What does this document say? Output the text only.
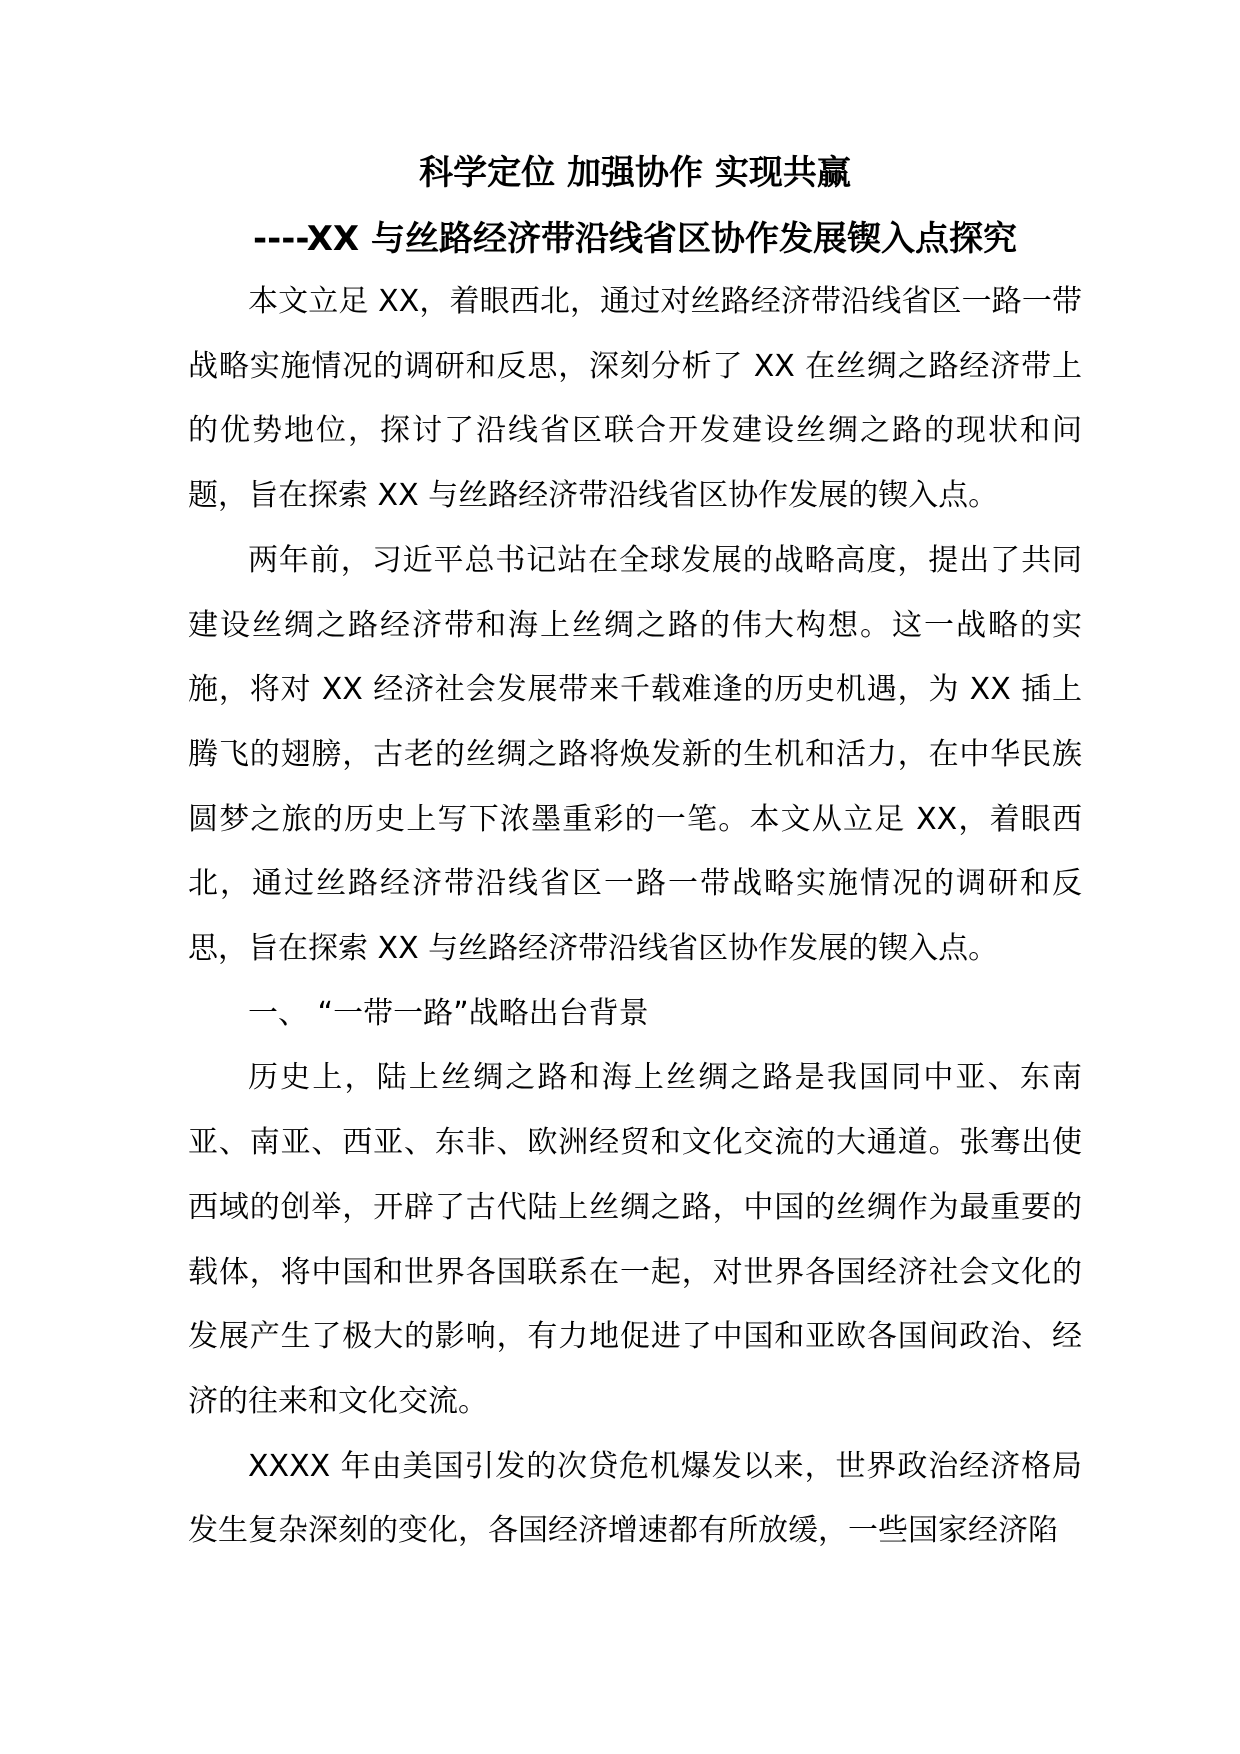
科学定位 加强协作 实现共赢
----XX 与丝路经济带沿线省区协作发展锲入点探究

本文立足 XX，着眼西北，通过对丝路经济带沿线省区一路一带战略实施情况的调研和反思，深刻分析了 XX 在丝绸之路经济带上的优势地位，探讨了沿线省区联合开发建设丝绸之路的现状和问题，旨在探索 XX 与丝路经济带沿线省区协作发展的锲入点。

两年前，习近平总书记站在全球发展的战略高度，提出了共同建设丝绸之路经济带和海上丝绸之路的伟大构想。这一战略的实施，将对 XX 经济社会发展带来千载难逢的历史机遇，为 XX 插上腾飞的翅膀，古老的丝绸之路将焕发新的生机和活力，在中华民族圆梦之旅的历史上写下浓墨重彩的一笔。本文从立足 XX，着眼西北，通过丝路经济带沿线省区一路一带战略实施情况的调研和反思，旨在探索 XX 与丝路经济带沿线省区协作发展的锲入点。

一、 “一带一路”战略出台背景

历史上，陆上丝绸之路和海上丝绸之路是我国同中亚、东南亚、南亚、西亚、东非、欧洲经贸和文化交流的大通道。张骞出使西域的创举，开辟了古代陆上丝绸之路，中国的丝绸作为最重要的载体，将中国和世界各国联系在一起，对世界各国经济社会文化的发展产生了极大的影响，有力地促进了中国和亚欧各国间政治、经济的往来和文化交流。

XXXX 年由美国引发的次贷危机爆发以来，世界政治经济格局发生复杂深刻的变化，各国经济增速都有所放缓，一些国家经济陷
